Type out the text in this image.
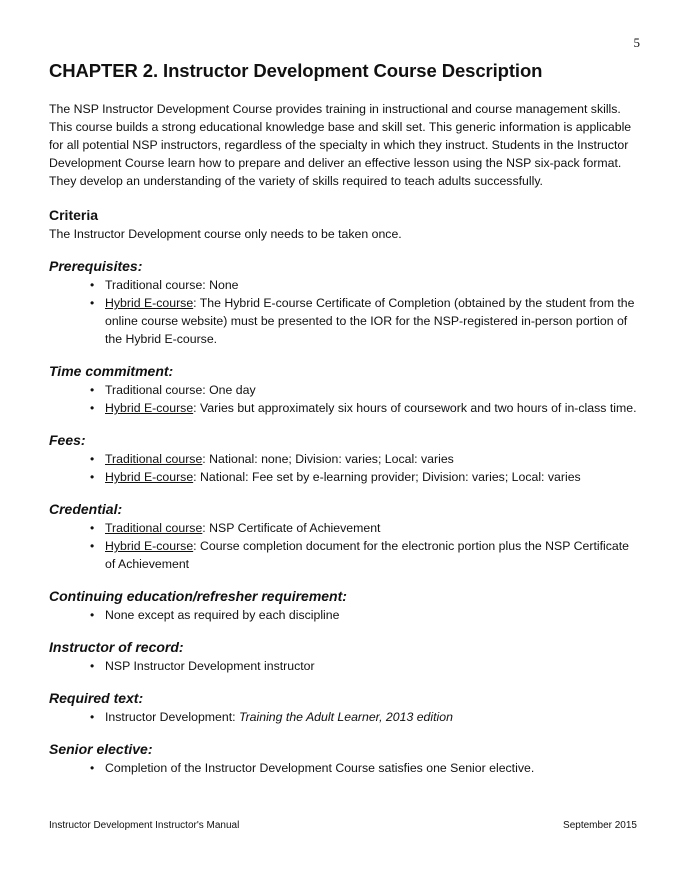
5
CHAPTER 2. Instructor Development Course Description

The NSP Instructor Development Course provides training in instructional and course management skills. This course builds a strong educational knowledge base and skill set. This generic information is applicable for all potential NSP instructors, regardless of the specialty in which they instruct. Students in the Instructor Development Course learn how to prepare and deliver an effective lesson using the NSP six-pack format. They develop an understanding of the variety of skills required to teach adults successfully.

Criteria

The Instructor Development course only needs to be taken once.

Prerequisites:
• Traditional course: None
• Hybrid E-course: The Hybrid E-course Certificate of Completion (obtained by the student from the online course website) must be presented to the IOR for the NSP-registered in-person portion of the Hybrid E-course.
Time commitment:
• Traditional course: One day
• Hybrid E-course: Varies but approximately six hours of coursework and two hours of in-class time.
Fees:
• Traditional course: National: none; Division: varies; Local: varies
• Hybrid E-course: National: Fee set by e-learning provider; Division: varies; Local: varies
Credential:
• Traditional course: NSP Certificate of Achievement
• Hybrid E-course: Course completion document for the electronic portion plus the NSP Certificate of Achievement
Continuing education/refresher requirement:
• None except as required by each discipline
Instructor of record:
• NSP Instructor Development instructor
Required text:
• Instructor Development: Training the Adult Learner, 2013 edition
Senior elective:
• Completion of the Instructor Development Course satisfies one Senior elective.
Instructor Development Instructor's Manual	September 2015
